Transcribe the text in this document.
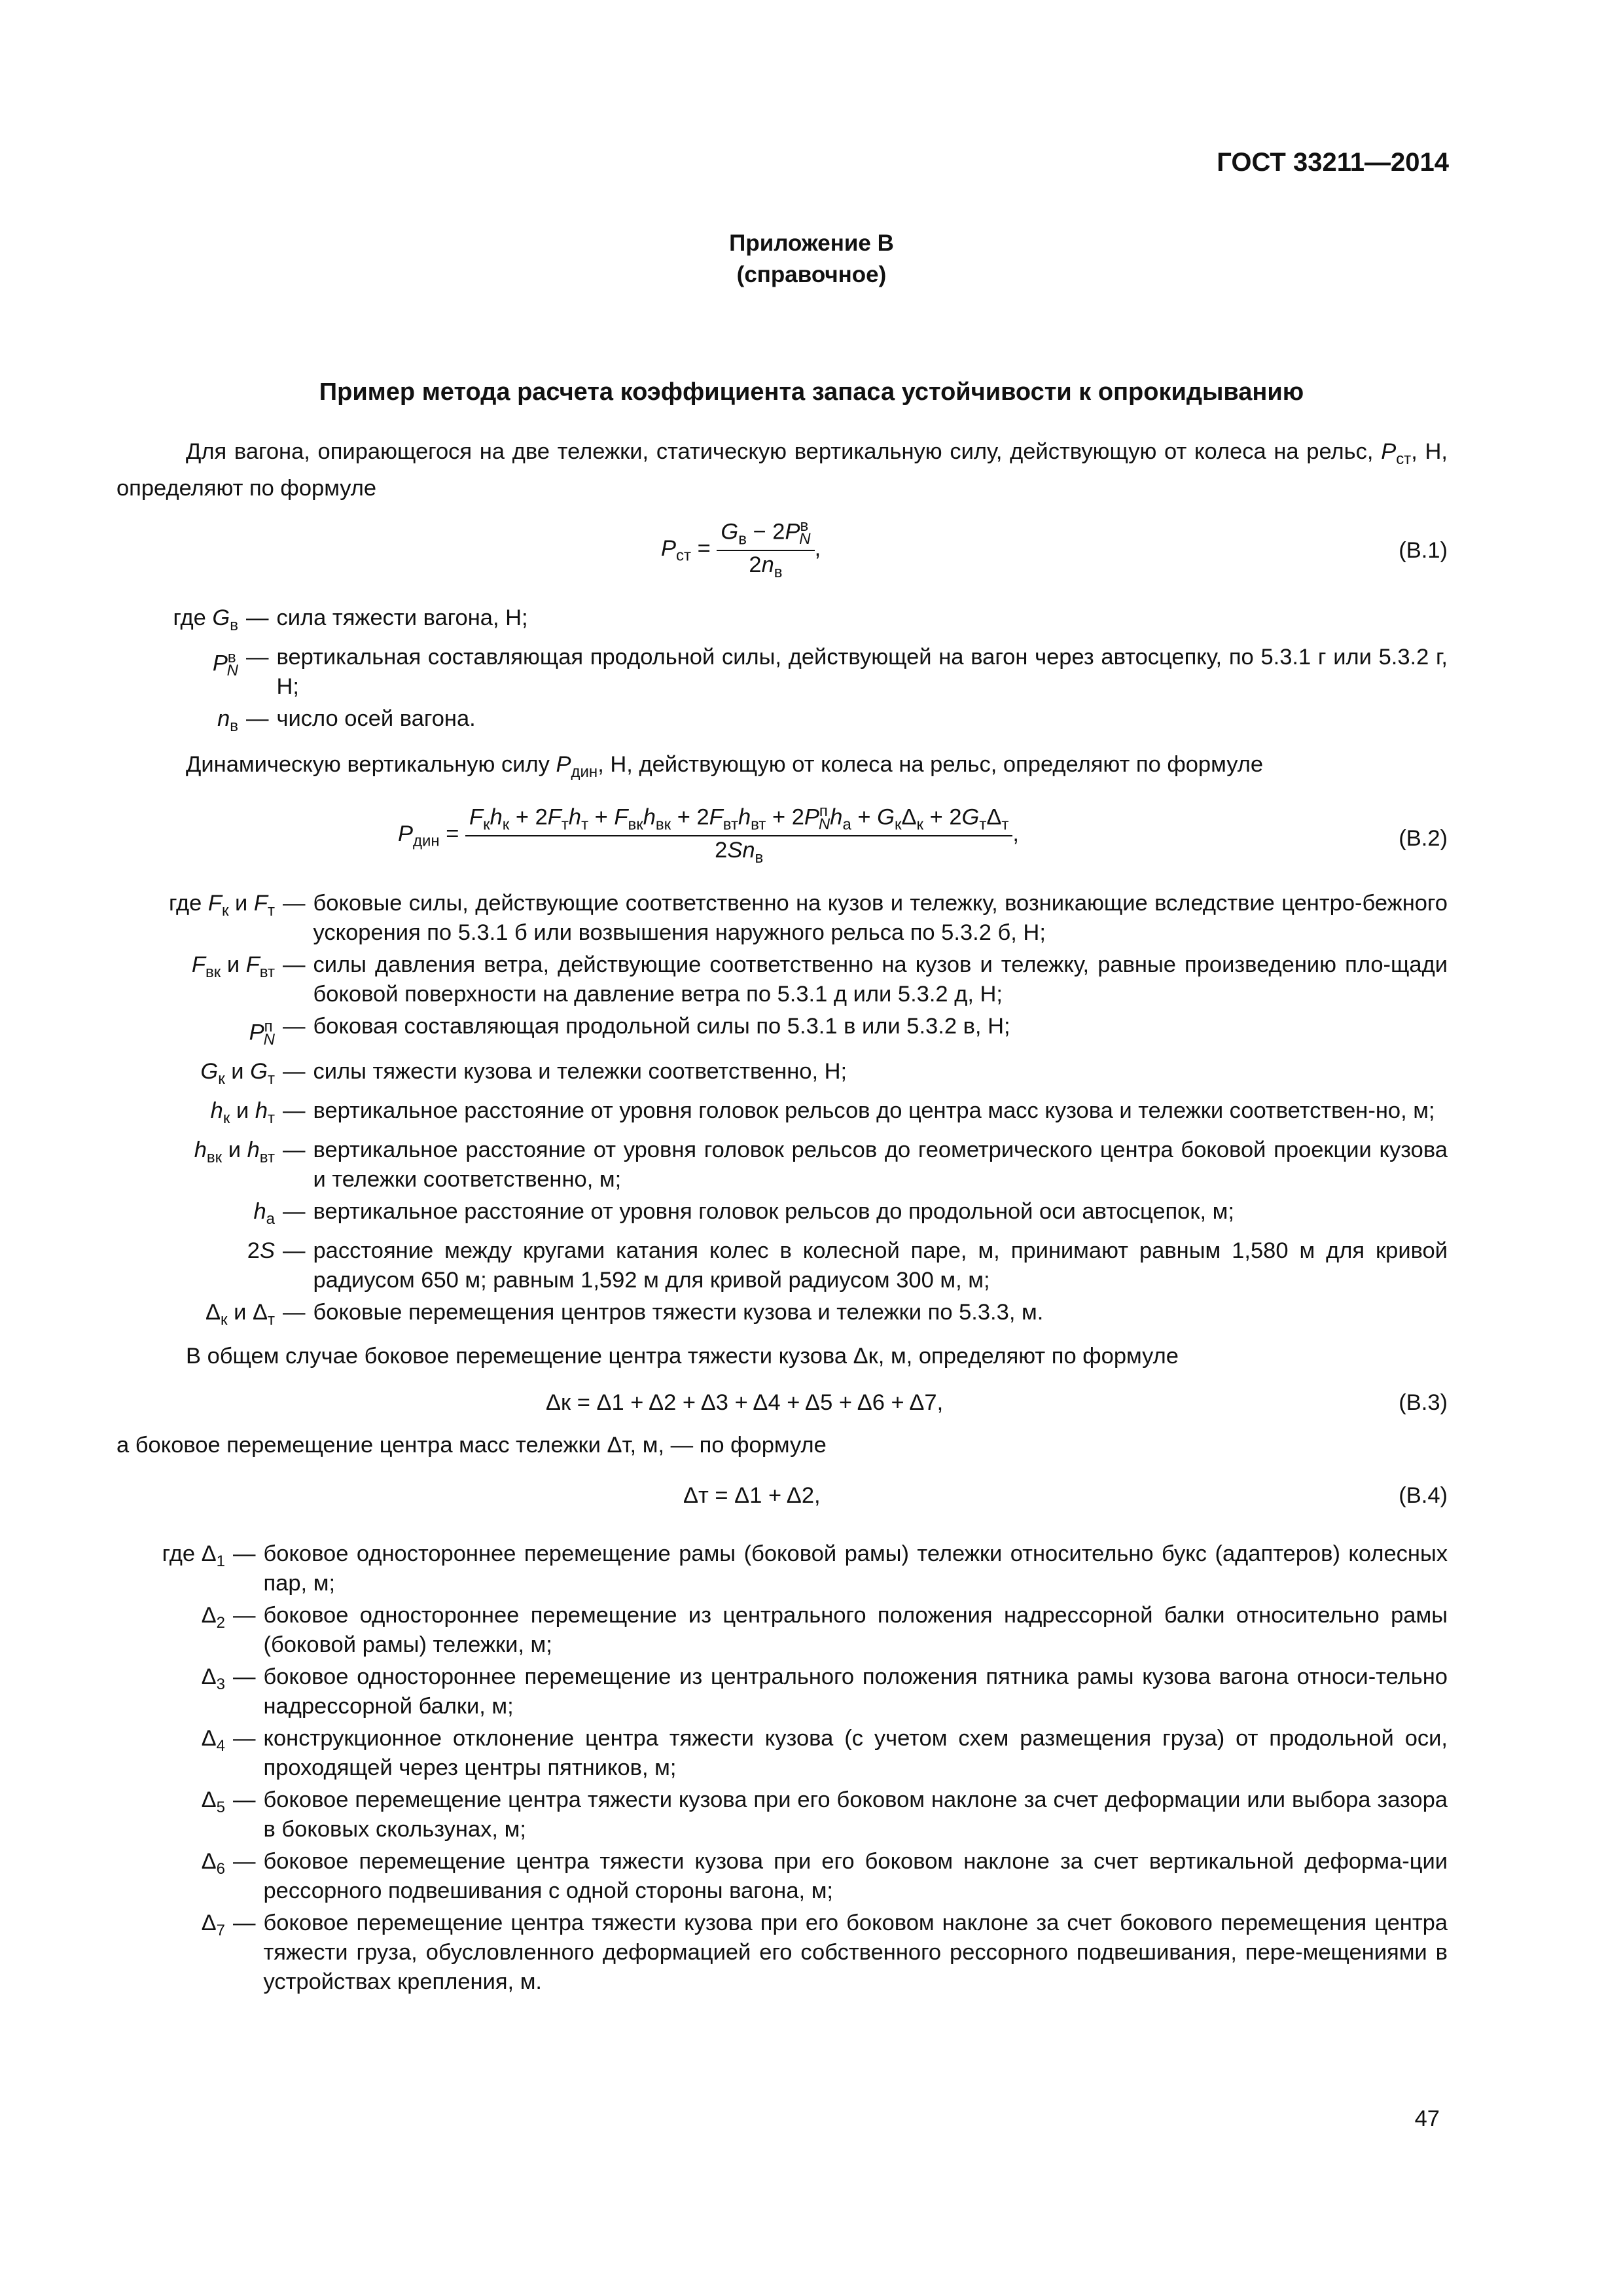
ГОСТ 33211—2014
Приложение В
(справочное)
Пример метода расчета коэффициента запаса устойчивости к опрокидыванию

Для вагона, опирающегося на две тележки, статическую вертикальную силу, действующую от колеса на рельс, $P_{ст}$, Н, определяют по формуле

$P_{ст} = \frac{G_в - 2P^в_N}{2n_в}$ ,	(В.1)
где $G_в$ — сила тяжести вагона, Н;
$P^в_N$
— вертикальная составляющая продольной силы, действующей на вагон через автосцепку, по 5.3.1 г или 5.3.2 г, Н;
$n_в$ — число осей вагона.

Динамическую вертикальную силу $P_{дин}$, Н, действующую от колеса на рельс, определяют по формуле

$P_{дин} = \frac{F_кh_к + 2F_тh_т + F_{вк}h_{вк} + 2F_{вт}h_{вт} + 2P^п_Nh_а + G_к\Delta_к + 2G_т\Delta_т}{2Sn_в}$ ,	(В.2)
где $F_к$ и $F_т$ — боковые силы, действующие соответственно на кузов и тележку, возникающие вследствие центро-бежного ускорения по 5.3.1 б или возвышения наружного рельса по 5.3.2 б, Н;
$F_{вк}$ и $F_{вт}$ — силы давления ветра, действующие соответственно на кузов и тележку, равные произведению пло-щади боковой поверхности на давление ветра по 5.3.1 д или 5.3.2 д, Н;
$P^п_N$
— боковая составляющая продольной силы по 5.3.1 в или 5.3.2 в, Н;
$G_к$ и $G_т$ — силы тяжести кузова и тележки соответственно, Н;
$h_к$ и $h_т$ — вертикальное расстояние от уровня головок рельсов до центра масс кузова и тележки соответствен-но, м;
$h_{вк}$ и $h_{вт}$ — вертикальное расстояние от уровня головок рельсов до геометрического центра боковой проекции кузова и тележки соответственно, м;
$h_а$ — вертикальное расстояние от уровня головок рельсов до продольной оси автосцепок, м;
2S — расстояние между кругами катания колес в колесной паре, м, принимают равным 1,580 м для кривой радиусом 650 м; равным 1,592 м для кривой радиусом 300 м, м;
$\Delta_к$ и $\Delta_т$ — боковые перемещения центров тяжести кузова и тележки по 5.3.3, м.

В общем случае боковое перемещение центра тяжести кузова Δк, м, определяют по формуле

Δк = Δ1 + Δ2 + Δ3 + Δ4 + Δ5 + Δ6 + Δ7,	(В.3)

а боковое перемещение центра масс тележки Δт, м, — по формуле

Δт = Δ1 + Δ2,	(В.4)
где $\Delta_1$ — боковое одностороннее перемещение рамы (боковой рамы) тележки относительно букс (адаптеров) колесных пар, м;
$\Delta_2$ — боковое одностороннее перемещение из центрального положения надрессорной балки относительно рамы (боковой рамы) тележки, м;
$\Delta_3$ — боковое одностороннее перемещение из центрального положения пятника рамы кузова вагона относи-тельно надрессорной балки, м;
$\Delta_4$ — конструкционное отклонение центра тяжести кузова (с учетом схем размещения груза) от продольной оси, проходящей через центры пятников, м;
$\Delta_5$ — боковое перемещение центра тяжести кузова при его боковом наклоне за счет деформации или выбора зазора в боковых скользунах, м;
$\Delta_6$ — боковое перемещение центра тяжести кузова при его боковом наклоне за счет вертикальной деформа-ции рессорного подвешивания с одной стороны вагона, м;
$\Delta_7$ — боковое перемещение центра тяжести кузова при его боковом наклоне за счет бокового перемещения центра тяжести груза, обусловленного деформацией его собственного рессорного подвешивания, пере-мещениями в устройствах крепления, м.
47
